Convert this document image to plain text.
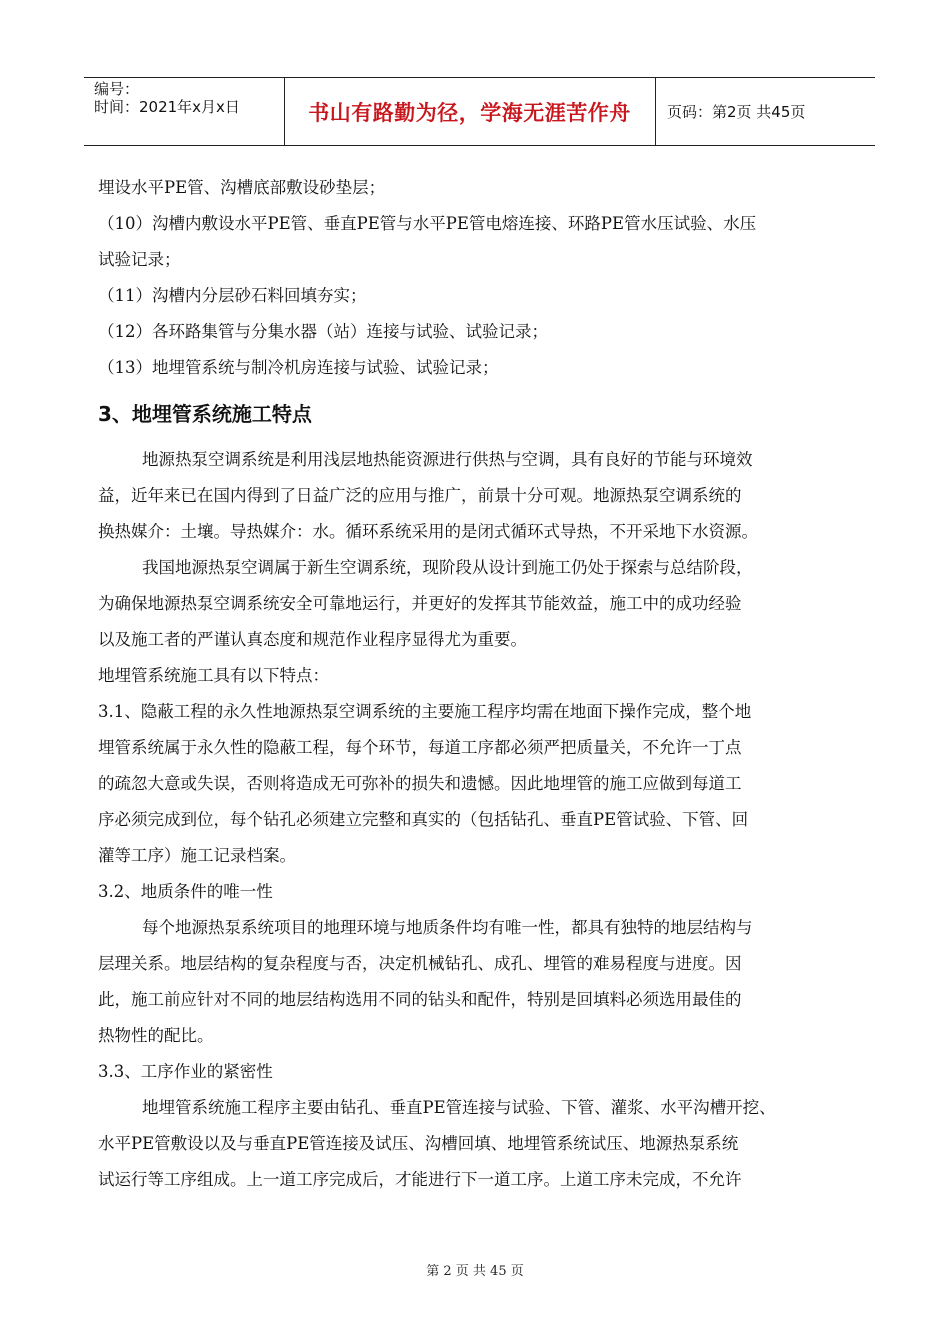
编号：
时间：2021年x月x日	书山有路勤为径，学海无涯苦作舟	页码：第2页 共45页

埋设水平PE管、沟槽底部敷设砂垫层；

（10）沟槽内敷设水平PE管、垂直PE管与水平PE管电熔连接、环路PE管水压试验、水压

试验记录；

（11）沟槽内分层砂石料回填夯实；

（12）各环路集管与分集水器（站）连接与试验、试验记录；

（13）地埋管系统与制冷机房连接与试验、试验记录；

3、地埋管系统施工特点

地源热泵空调系统是利用浅层地热能资源进行供热与空调，具有良好的节能与环境效

益，近年来已在国内得到了日益广泛的应用与推广，前景十分可观。地源热泵空调系统的

换热媒介：土壤。导热媒介：水。循环系统采用的是闭式循环式导热，不开采地下水资源。

我国地源热泵空调属于新生空调系统，现阶段从设计到施工仍处于探索与总结阶段，

为确保地源热泵空调系统安全可靠地运行，并更好的发挥其节能效益，施工中的成功经验

以及施工者的严谨认真态度和规范作业程序显得尤为重要。

地埋管系统施工具有以下特点：

3.1、隐蔽工程的永久性地源热泵空调系统的主要施工程序均需在地面下操作完成，整个地

埋管系统属于永久性的隐蔽工程，每个环节，每道工序都必须严把质量关，不允许一丁点

的疏忽大意或失误，否则将造成无可弥补的损失和遗憾。因此地埋管的施工应做到每道工

序必须完成到位，每个钻孔必须建立完整和真实的（包括钻孔、垂直PE管试验、下管、回

灌等工序）施工记录档案。

3.2、地质条件的唯一性

每个地源热泵系统项目的地理环境与地质条件均有唯一性，都具有独特的地层结构与

层理关系。地层结构的复杂程度与否，决定机械钻孔、成孔、埋管的难易程度与进度。因

此，施工前应针对不同的地层结构选用不同的钻头和配件，特别是回填料必须选用最佳的

热物性的配比。

3.3、工序作业的紧密性

地埋管系统施工程序主要由钻孔、垂直PE管连接与试验、下管、灌浆、水平沟槽开挖、

水平PE管敷设以及与垂直PE管连接及试压、沟槽回填、地埋管系统试压、地源热泵系统

试运行等工序组成。上一道工序完成后，才能进行下一道工序。上道工序未完成，不允许

第 2 页 共 45 页
